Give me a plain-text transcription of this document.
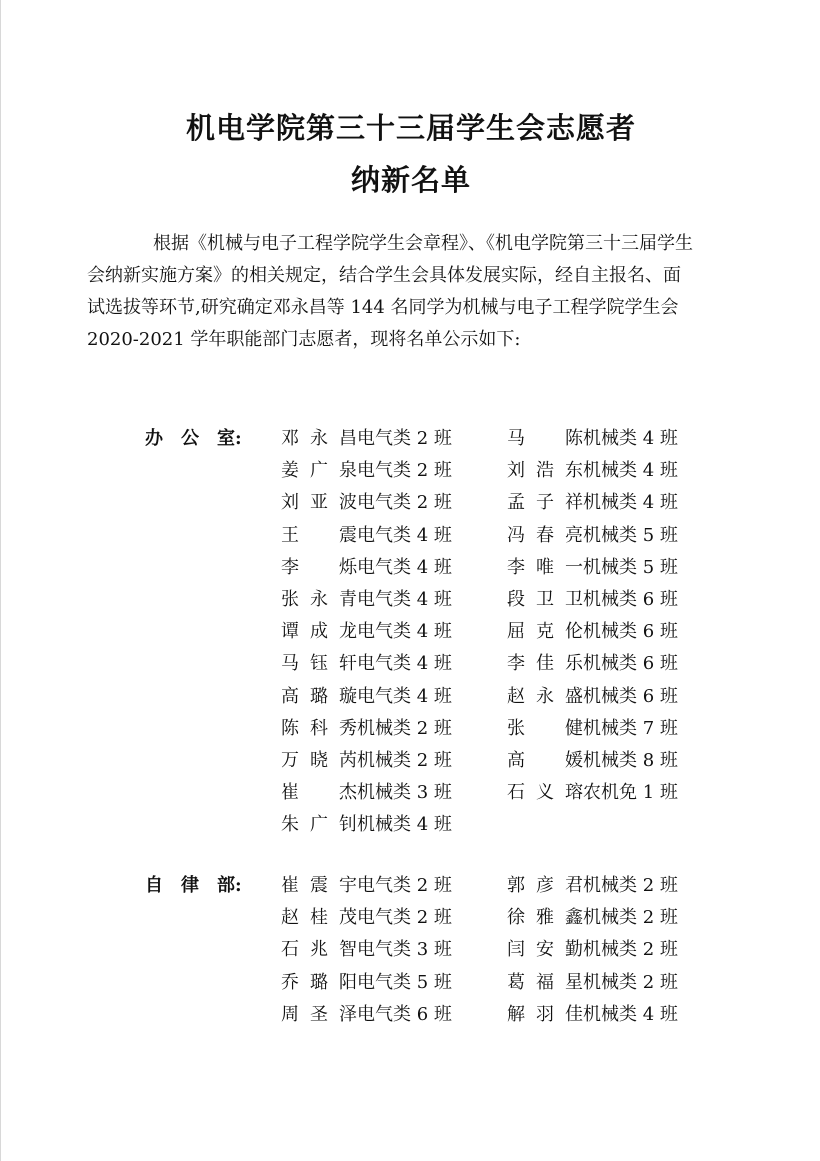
机电学院第三十三届学生会志愿者
纳新名单

根据《机械与电子工程学院学生会章程》、《机电学院第三十三届学生

会纳新实施方案》的相关规定，结合学生会具体发展实际，经自主报名、面

试选拔等环节,研究确定邓永昌等 144 名同学为机械与电子工程学院学生会

2020-2021 学年职能部门志愿者，现将名单公示如下:

办　公　室: 邓永昌电气类 2 班
姜广泉电气类 2 班
刘亚波电气类 2 班
王　震电气类 4 班
李　烁电气类 4 班
张永青电气类 4 班
谭成龙电气类 4 班
马钰轩电气类 4 班
高璐璇电气类 4 班
陈科秀机械类 2 班
万晓芮机械类 2 班
崔　杰机械类 3 班
朱广钊机械类 4 班
马　陈机械类 4 班
刘浩东机械类 4 班
孟子祥机械类 4 班
冯春亮机械类 5 班
李唯一机械类 5 班
段卫卫机械类 6 班
屈克伦机械类 6 班
李佳乐机械类 6 班
赵永盛机械类 6 班
张　健机械类 7 班
高　媛机械类 8 班
石义瑢农机免 1 班
自　律　部: 崔震宇电气类 2 班
赵桂茂电气类 2 班
石兆智电气类 3 班
乔璐阳电气类 5 班
周圣泽电气类 6 班
郭彦君机械类 2 班
徐雅鑫机械类 2 班
闫安勤机械类 2 班
葛福星机械类 2 班
解羽佳机械类 4 班
